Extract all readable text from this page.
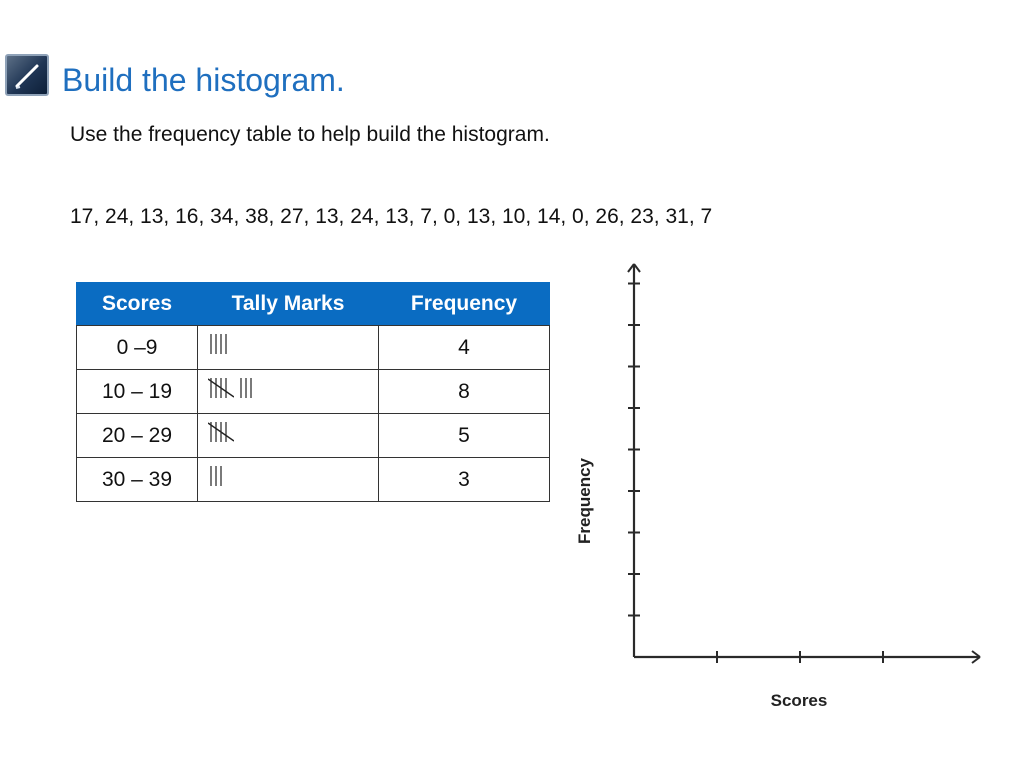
Build the histogram.
Use the frequency table to help build the histogram.
17, 24, 13, 16, 34, 38, 27, 13, 24, 13, 7, 0, 13, 10, 14, 0, 26, 23, 31, 7
Scores	Tally Marks	Frequency
0 –9		4
10 – 19		8
20 – 29		5
30 – 39		3
Scores
Frequency
